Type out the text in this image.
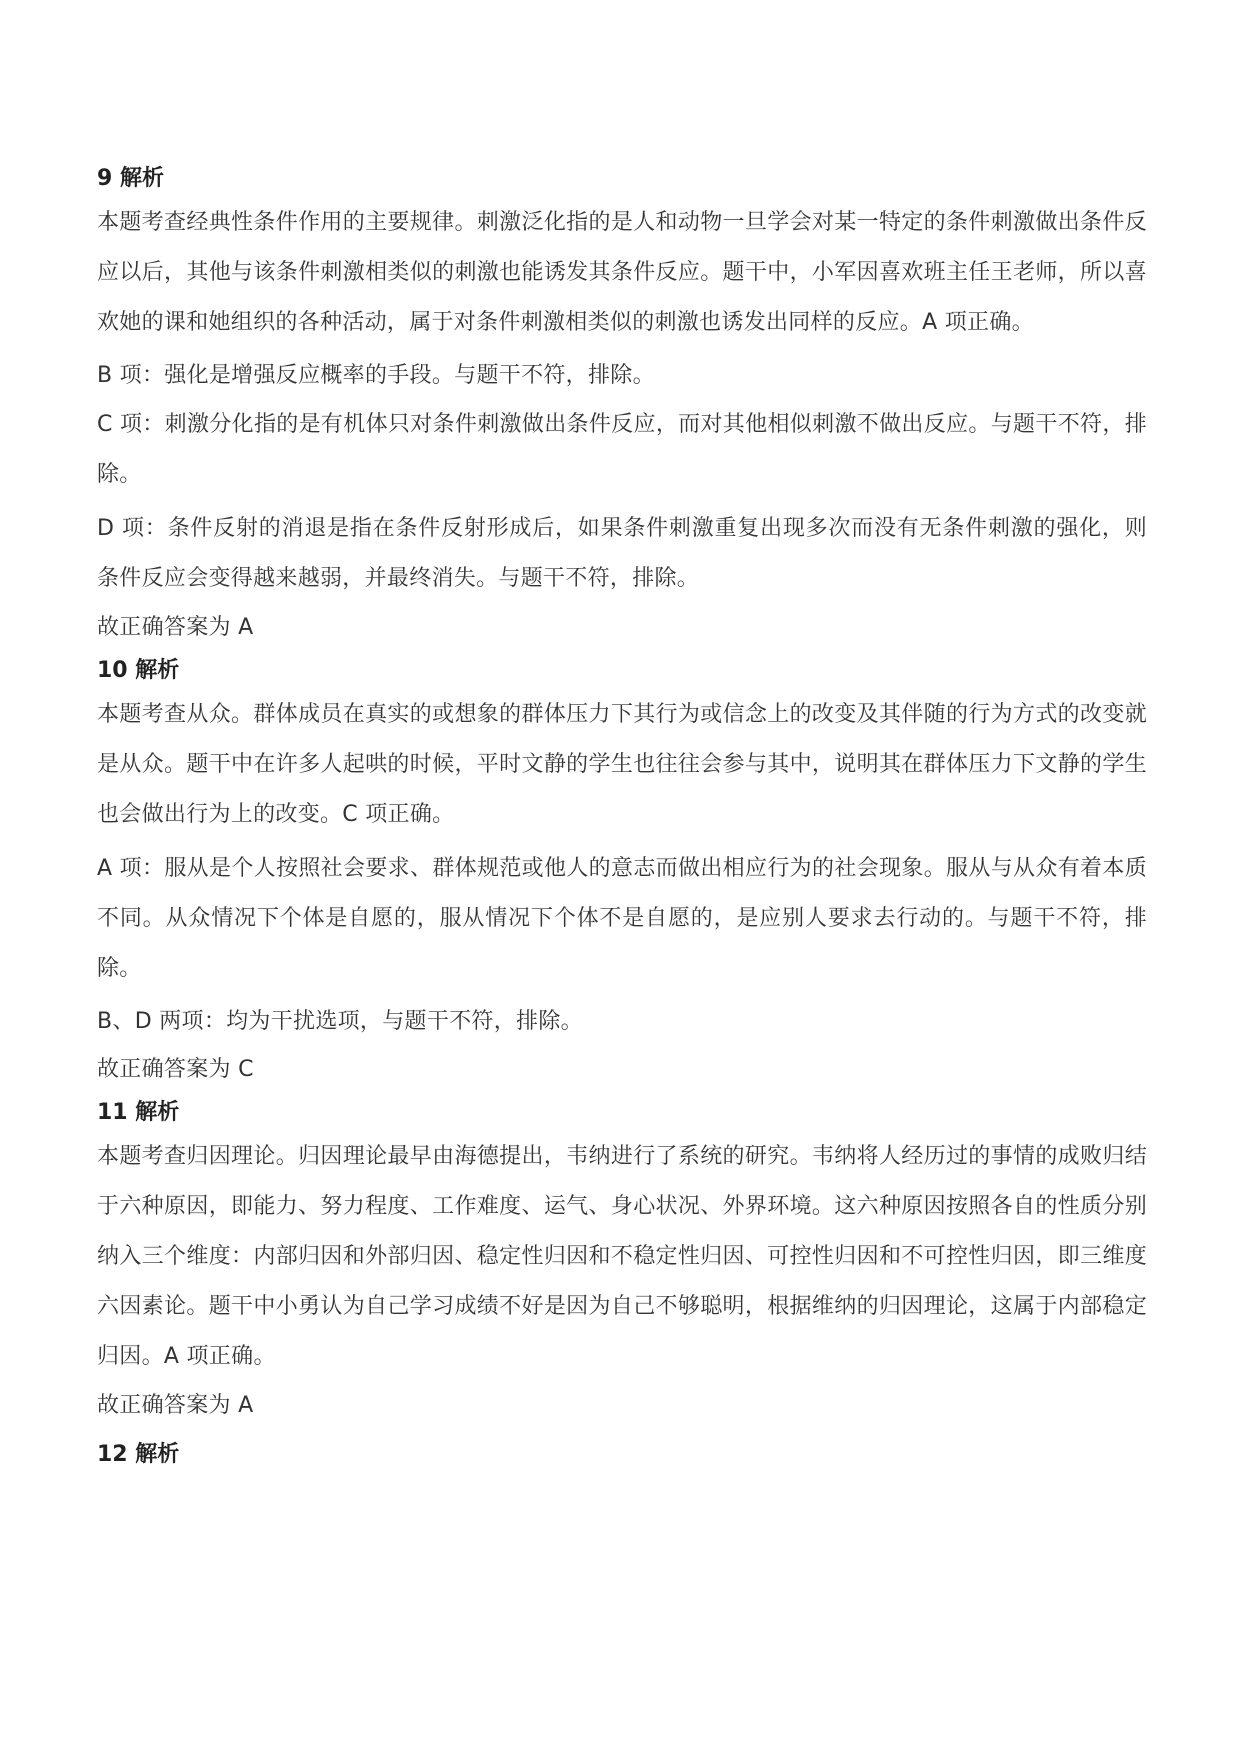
9 解析

本题考查经典性条件作用的主要规律。刺激泛化指的是人和动物一旦学会对某一特定的条件刺激做出条件反应以后，其他与该条件刺激相类似的刺激也能诱发其条件反应。题干中，小军因喜欢班主任王老师，所以喜欢她的课和她组织的各种活动，属于对条件刺激相类似的刺激也诱发出同样的反应。A 项正确。

B 项：强化是增强反应概率的手段。与题干不符，排除。

C 项：刺激分化指的是有机体只对条件刺激做出条件反应，而对其他相似刺激不做出反应。与题干不符，排除。

D 项：条件反射的消退是指在条件反射形成后，如果条件刺激重复出现多次而没有无条件刺激的强化，则条件反应会变得越来越弱，并最终消失。与题干不符，排除。

故正确答案为 A

10 解析

本题考查从众。群体成员在真实的或想象的群体压力下其行为或信念上的改变及其伴随的行为方式的改变就是从众。题干中在许多人起哄的时候，平时文静的学生也往往会参与其中，说明其在群体压力下文静的学生也会做出行为上的改变。C 项正确。

A 项：服从是个人按照社会要求、群体规范或他人的意志而做出相应行为的社会现象。服从与从众有着本质不同。从众情况下个体是自愿的，服从情况下个体不是自愿的，是应别人要求去行动的。与题干不符，排除。

B、D 两项：均为干扰选项，与题干不符，排除。

故正确答案为 C

11 解析

本题考查归因理论。归因理论最早由海德提出，韦纳进行了系统的研究。韦纳将人经历过的事情的成败归结于六种原因，即能力、努力程度、工作难度、运气、身心状况、外界环境。这六种原因按照各自的性质分别纳入三个维度：内部归因和外部归因、稳定性归因和不稳定性归因、可控性归因和不可控性归因，即三维度六因素论。题干中小勇认为自己学习成绩不好是因为自己不够聪明，根据维纳的归因理论，这属于内部稳定归因。A 项正确。

故正确答案为 A

12 解析
